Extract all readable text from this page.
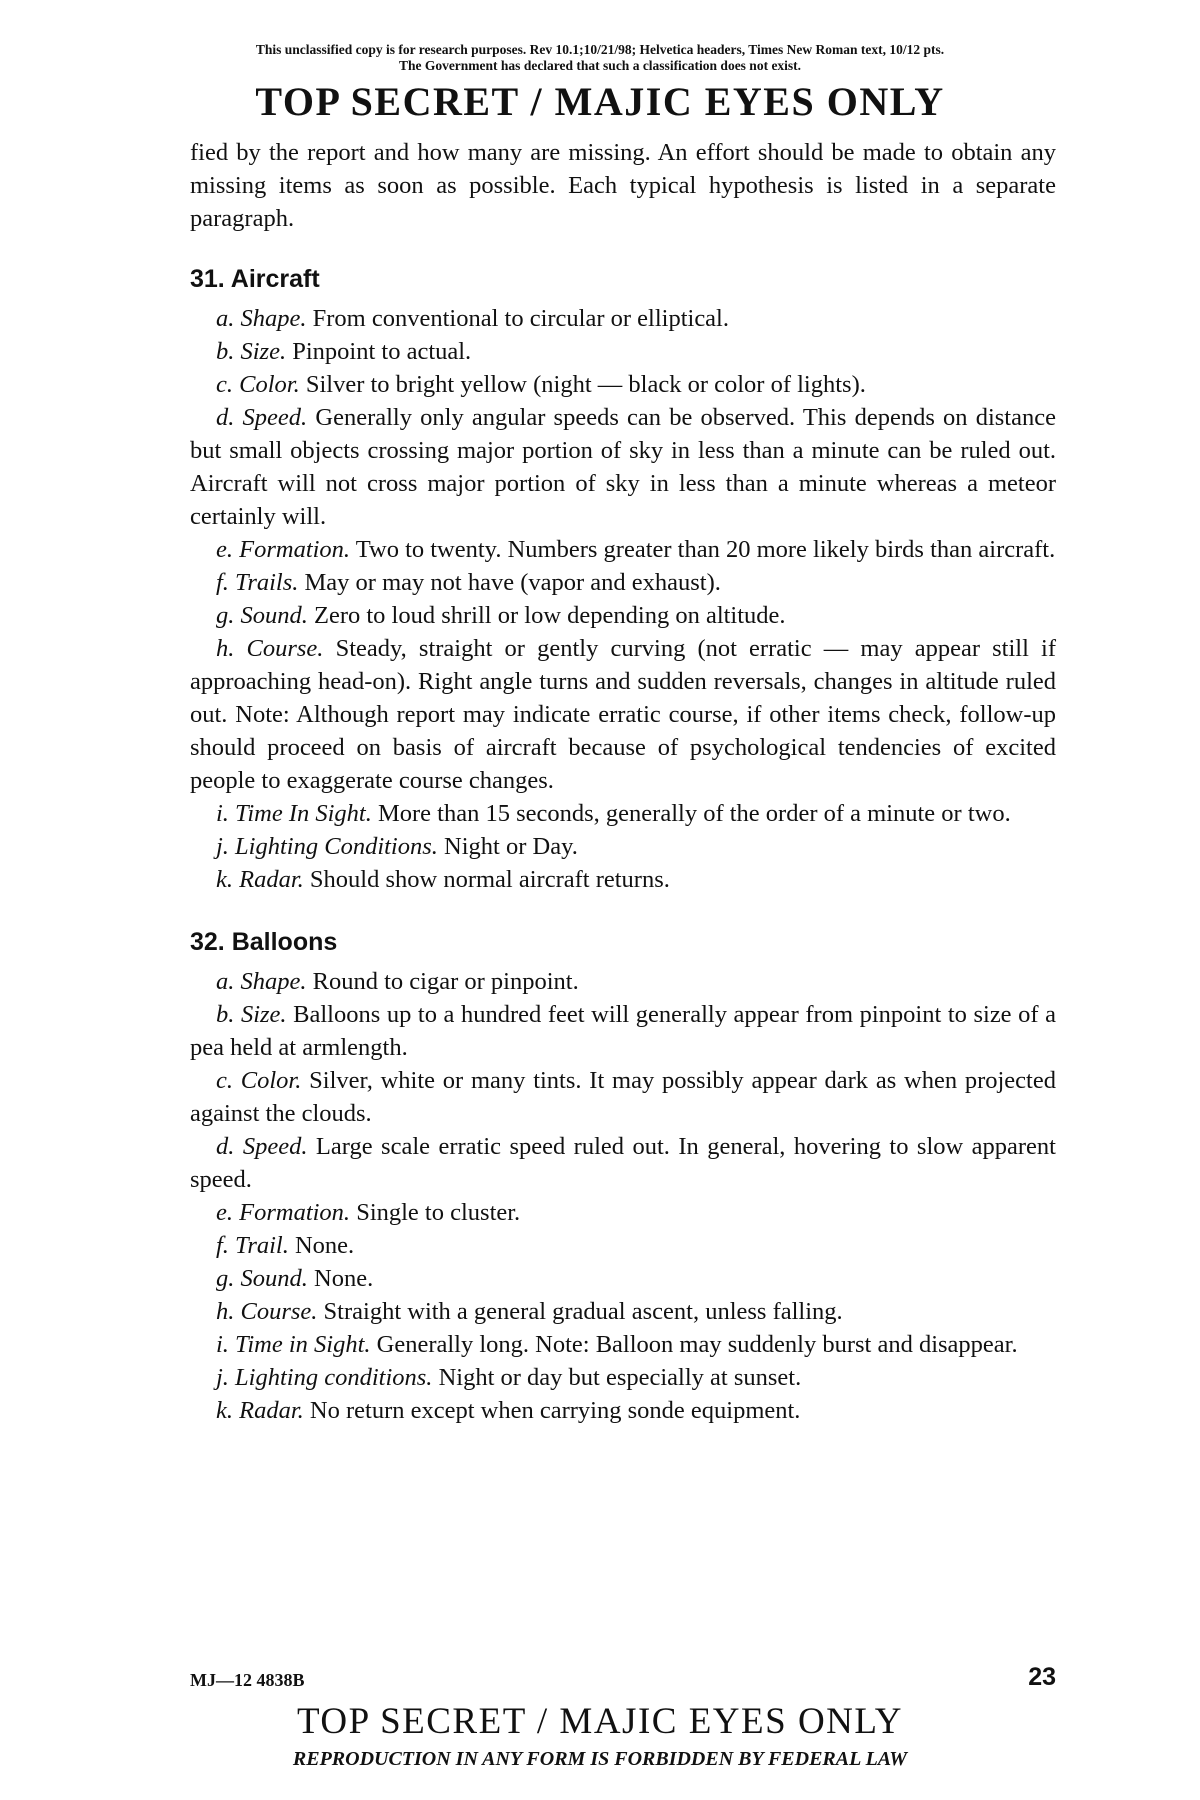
This unclassified copy is for research purposes. Rev 10.1;10/21/98; Helvetica headers, Times New Roman text, 10/12 pts.
The Government has declared that such a classification does not exist.
TOP SECRET / MAJIC EYES ONLY

fied by the report and how many are missing. An effort should be made to obtain any missing items as soon as possible. Each typical hypothesis is listed in a separate paragraph.

31. Aircraft

a. Shape. From conventional to circular or elliptical.

b. Size. Pinpoint to actual.

c. Color. Silver to bright yellow (night — black or color of lights).

d. Speed. Generally only angular speeds can be observed. This depends on distance but small objects crossing major portion of sky in less than a minute can be ruled out. Aircraft will not cross major portion of sky in less than a minute whereas a meteor certainly will.

e. Formation. Two to twenty. Numbers greater than 20 more likely birds than aircraft.

f. Trails. May or may not have (vapor and exhaust).

g. Sound. Zero to loud shrill or low depending on altitude.

h. Course. Steady, straight or gently curving (not erratic — may appear still if approaching head-on). Right angle turns and sudden reversals, changes in altitude ruled out. Note: Although report may indicate erratic course, if other items check, follow-up should proceed on basis of aircraft because of psychological tendencies of excited people to exaggerate course changes.

i. Time In Sight. More than 15 seconds, generally of the order of a minute or two.

j. Lighting Conditions. Night or Day.

k. Radar. Should show normal aircraft returns.

32. Balloons

a. Shape. Round to cigar or pinpoint.

b. Size. Balloons up to a hundred feet will generally appear from pinpoint to size of a pea held at armlength.

c. Color. Silver, white or many tints. It may possibly appear dark as when projected against the clouds.

d. Speed. Large scale erratic speed ruled out. In general, hovering to slow apparent speed.

e. Formation. Single to cluster.

f. Trail. None.

g. Sound. None.

h. Course. Straight with a general gradual ascent, unless falling.

i. Time in Sight. Generally long. Note: Balloon may suddenly burst and disappear.

j. Lighting conditions. Night or day but especially at sunset.

k. Radar. No return except when carrying sonde equipment.

MJ—12 4838B	23
TOP SECRET / MAJIC EYES ONLY
REPRODUCTION IN ANY FORM IS FORBIDDEN BY FEDERAL LAW
